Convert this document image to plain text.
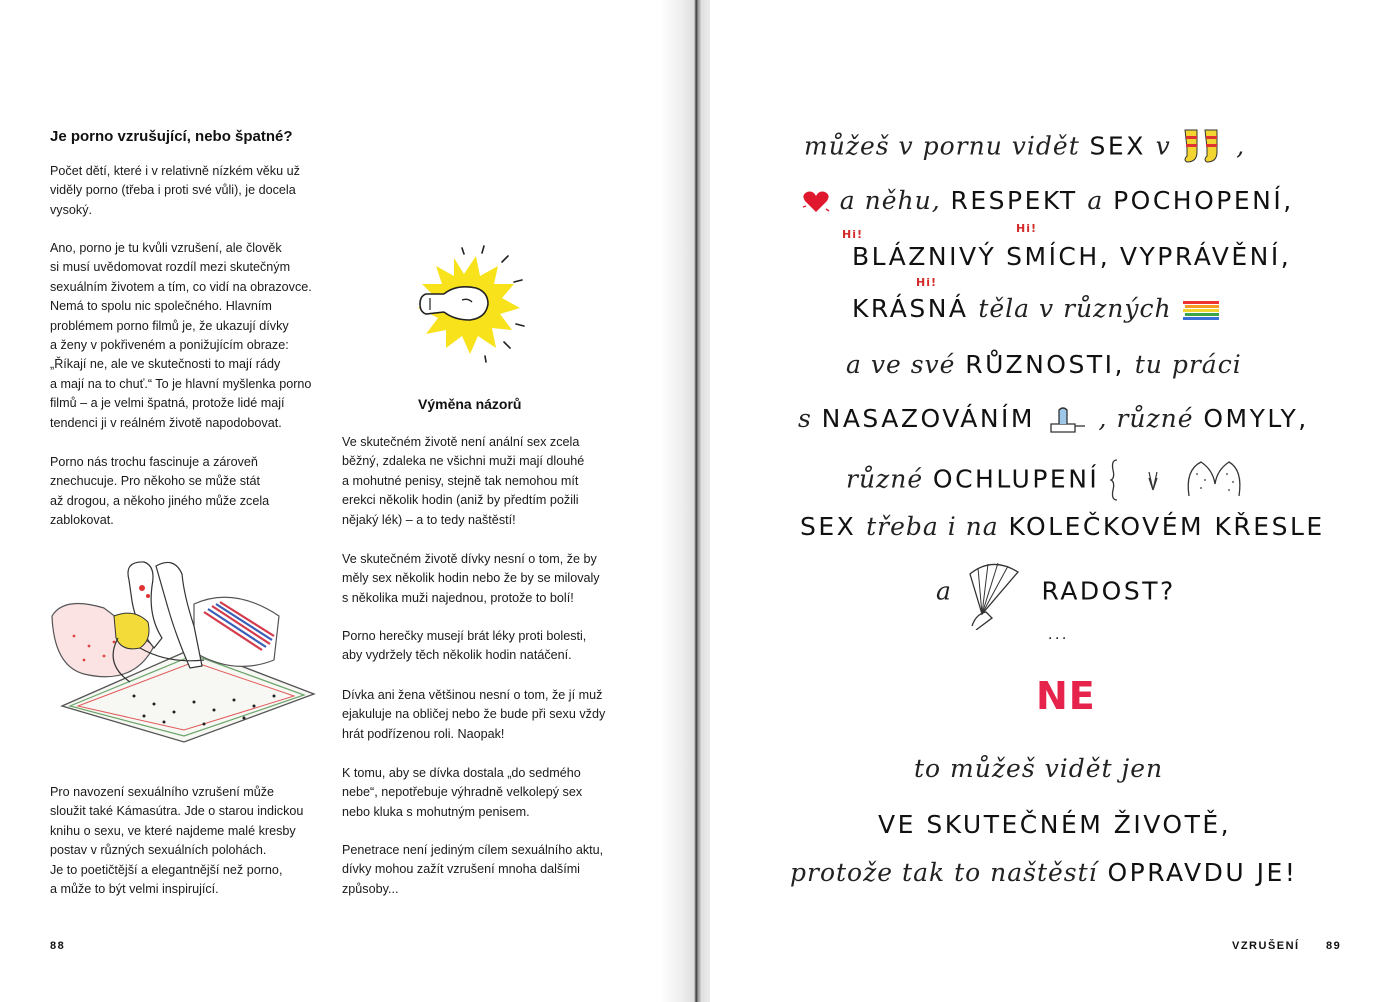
Je porno vzrušující, nebo špatné?
Počet dětí, které i v relativně nízkém věku už
viděly porno (třeba i proti své vůli), je docela
vysoký.
Ano, porno je tu kvůli vzrušení, ale člověk
si musí uvědomovat rozdíl mezi skutečným
sexuálním životem a tím, co vidí na obrazovce.
Nemá to spolu nic společného. Hlavním
problémem porno filmů je, že ukazují dívky
a ženy v pokřiveném a ponižujícím obraze:
„Říkají ne, ale ve skutečnosti to mají rády
a mají na to chuť.“ To je hlavní myšlenka porno
filmů – a je velmi špatná, protože lidé mají
tendenci ji v reálném životě napodobovat.
Porno nás trochu fascinuje a zároveň
znechucuje. Pro někoho se může stát
až drogou, a někoho jiného může zcela
zablokovat.
Pro navození sexuálního vzrušení může
sloužit také Kámasútra. Jde o starou indickou
knihu o sexu, ve které najdeme malé kresby
postav v různých sexuálních polohách.
Je to poetičtější a elegantnější než porno,
a může to být velmi inspirující.
Výměna názorů
Ve skutečném životě není anální sex zcela
běžný, zdaleka ne všichni muži mají dlouhé
a mohutné penisy, stejně tak nemohou mít
erekci několik hodin (aniž by předtím požili
nějaký lék) – a to tedy naštěstí!
Ve skutečném životě dívky nesní o tom, že by
měly sex několik hodin nebo že by se milovaly
s několika muži najednou, protože to bolí!
Porno herečky musejí brát léky proti bolesti,
aby vydržely těch několik hodin natáčení.
Dívka ani žena většinou nesní o tom, že jí muž
ejakuluje na obličej nebo že bude při sexu vždy
hrát podřízenou roli. Naopak!
K tomu, aby se dívka dostala „do sedmého
nebe“, nepotřebuje výhradně velkolepý sex
nebo kluka s mohutným penisem.
Penetrace není jediným cílem sexuálního aktu,
dívky mohou zažít vzrušení mnoha dalšími
způsoby...
88
můžeš v pornu vidět SEX v	,
a něhu, RESPEKT a POCHOPENÍ,
Hi!	Hi!
BLÁZNIVÝ SMÍCH, VYPRÁVĚNÍ,
Hi!
KRÁSNÁ těla v různých
a ve své RŮZNOSTI, tu práci
s NASAZOVÁNÍM	, různé OMYLY,
různé OCHLUPENÍ
SEX třeba i na KOLEČKOVÉM KŘESLE
a	RADOST?
...
NE
to můžeš vidět jen
VE SKUTEČNÉM ŽIVOTĚ,
protože tak to naštěstí OPRAVDU JE!
VZRUŠENÍ 89
